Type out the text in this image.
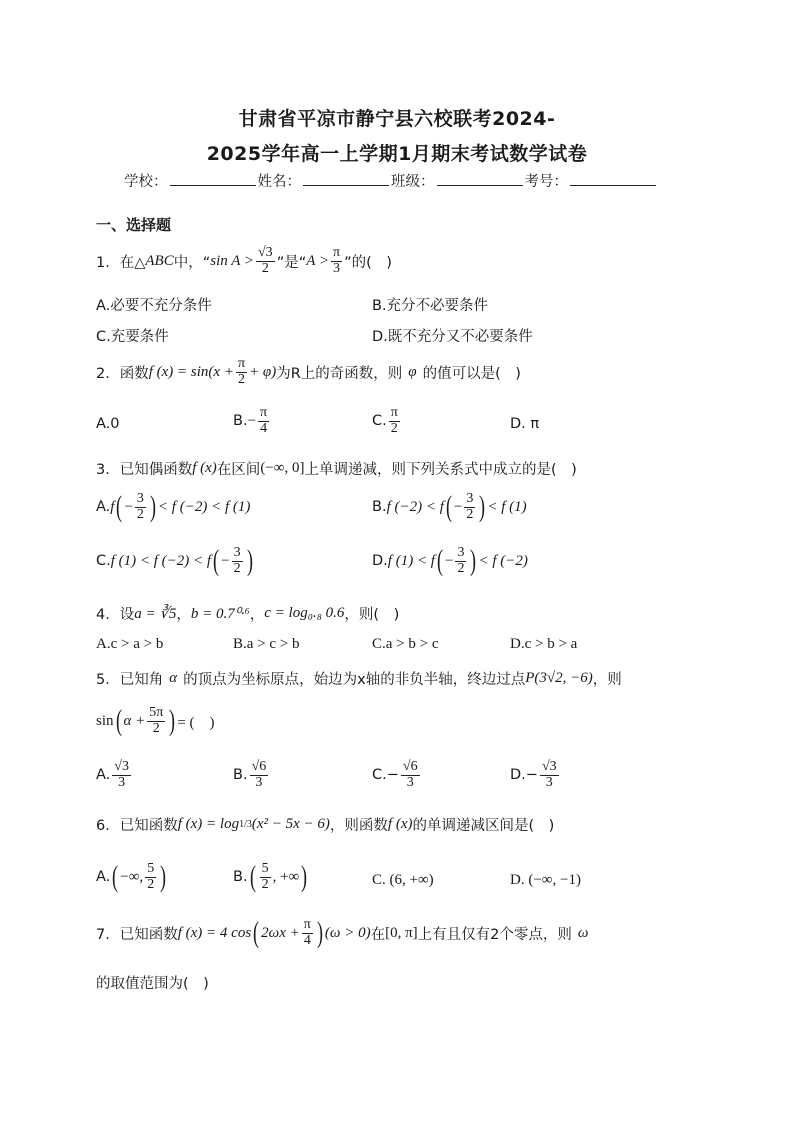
甘肃省平凉市静宁县六校联考2024-
2025学年高一上学期1月期末考试数学试卷
学校：	姓名：	班级：	考号：
一、选择题
1． 在△ ABC 中，“ $\sin A > \frac{√3}{2}$ ”是“ $A > \frac{\pi}{3}$ ”的(　)
A.必要不充分条件	B.充分不必要条件
C.充要条件	D.既不充分又不必要条件
2． 函数 f $(x) = \sin(x + \frac{\pi}{2} + \varphi)$ 为R上的奇函数，则 φ 的值可以是(　)
A.0	B. − $\frac{\pi}{4}$	C. $\frac{\pi}{2}$	D. π
3． 已知偶函数 f (x) 在区间 (−∞, 0] 上单调递减，则下列关系式中成立的是(　)
A. f ( − $\frac{3}{2}$ ) < f (−2) < f (1)	B. f (−2) < f ( − $\frac{3}{2}$ ) < f (1)
C. f (1) < f (−2) < f ( − $\frac{3}{2}$ )	D. f (1) < f ( − $\frac{3}{2}$ ) < f (−2)
4． 设 a = ∛5 ， b = 0.7⁰·⁶ ， c = log₀.₈ 0.6 ，则(　)
A.c > a > b	B.a > c > b	C.a > b > c	D.c > b > a
5． 已知角 α 的顶点为坐标原点，始边为x轴的非负半轴，终边过点 P(3√2, −6) ，则
sin ( $\alpha + \frac{5\pi}{2}$ ) = (　)
A. $\frac{√3}{3}$	B. $\frac{√6}{3}$	$C.- \frac{√6}{3}$	$D.- \frac{√3}{3}$
6． 已知函数 f (x) = log 1/3 (x² − 5x − 6) ，则函数 f (x) 的单调递减区间是(　)
A. ( −∞, $\frac{5}{2}$ )	B. ( $\frac{5}{2}$ , +∞ )	C. (6, +∞)	D. (−∞, −1)
7． 已知函数 f (x) = 4 cos ( $2\omega x + \frac{\pi}{4}$ ) (ω > 0) 在 [0, π] 上有且仅有2个零点，则 ω
的取值范围为(　)
